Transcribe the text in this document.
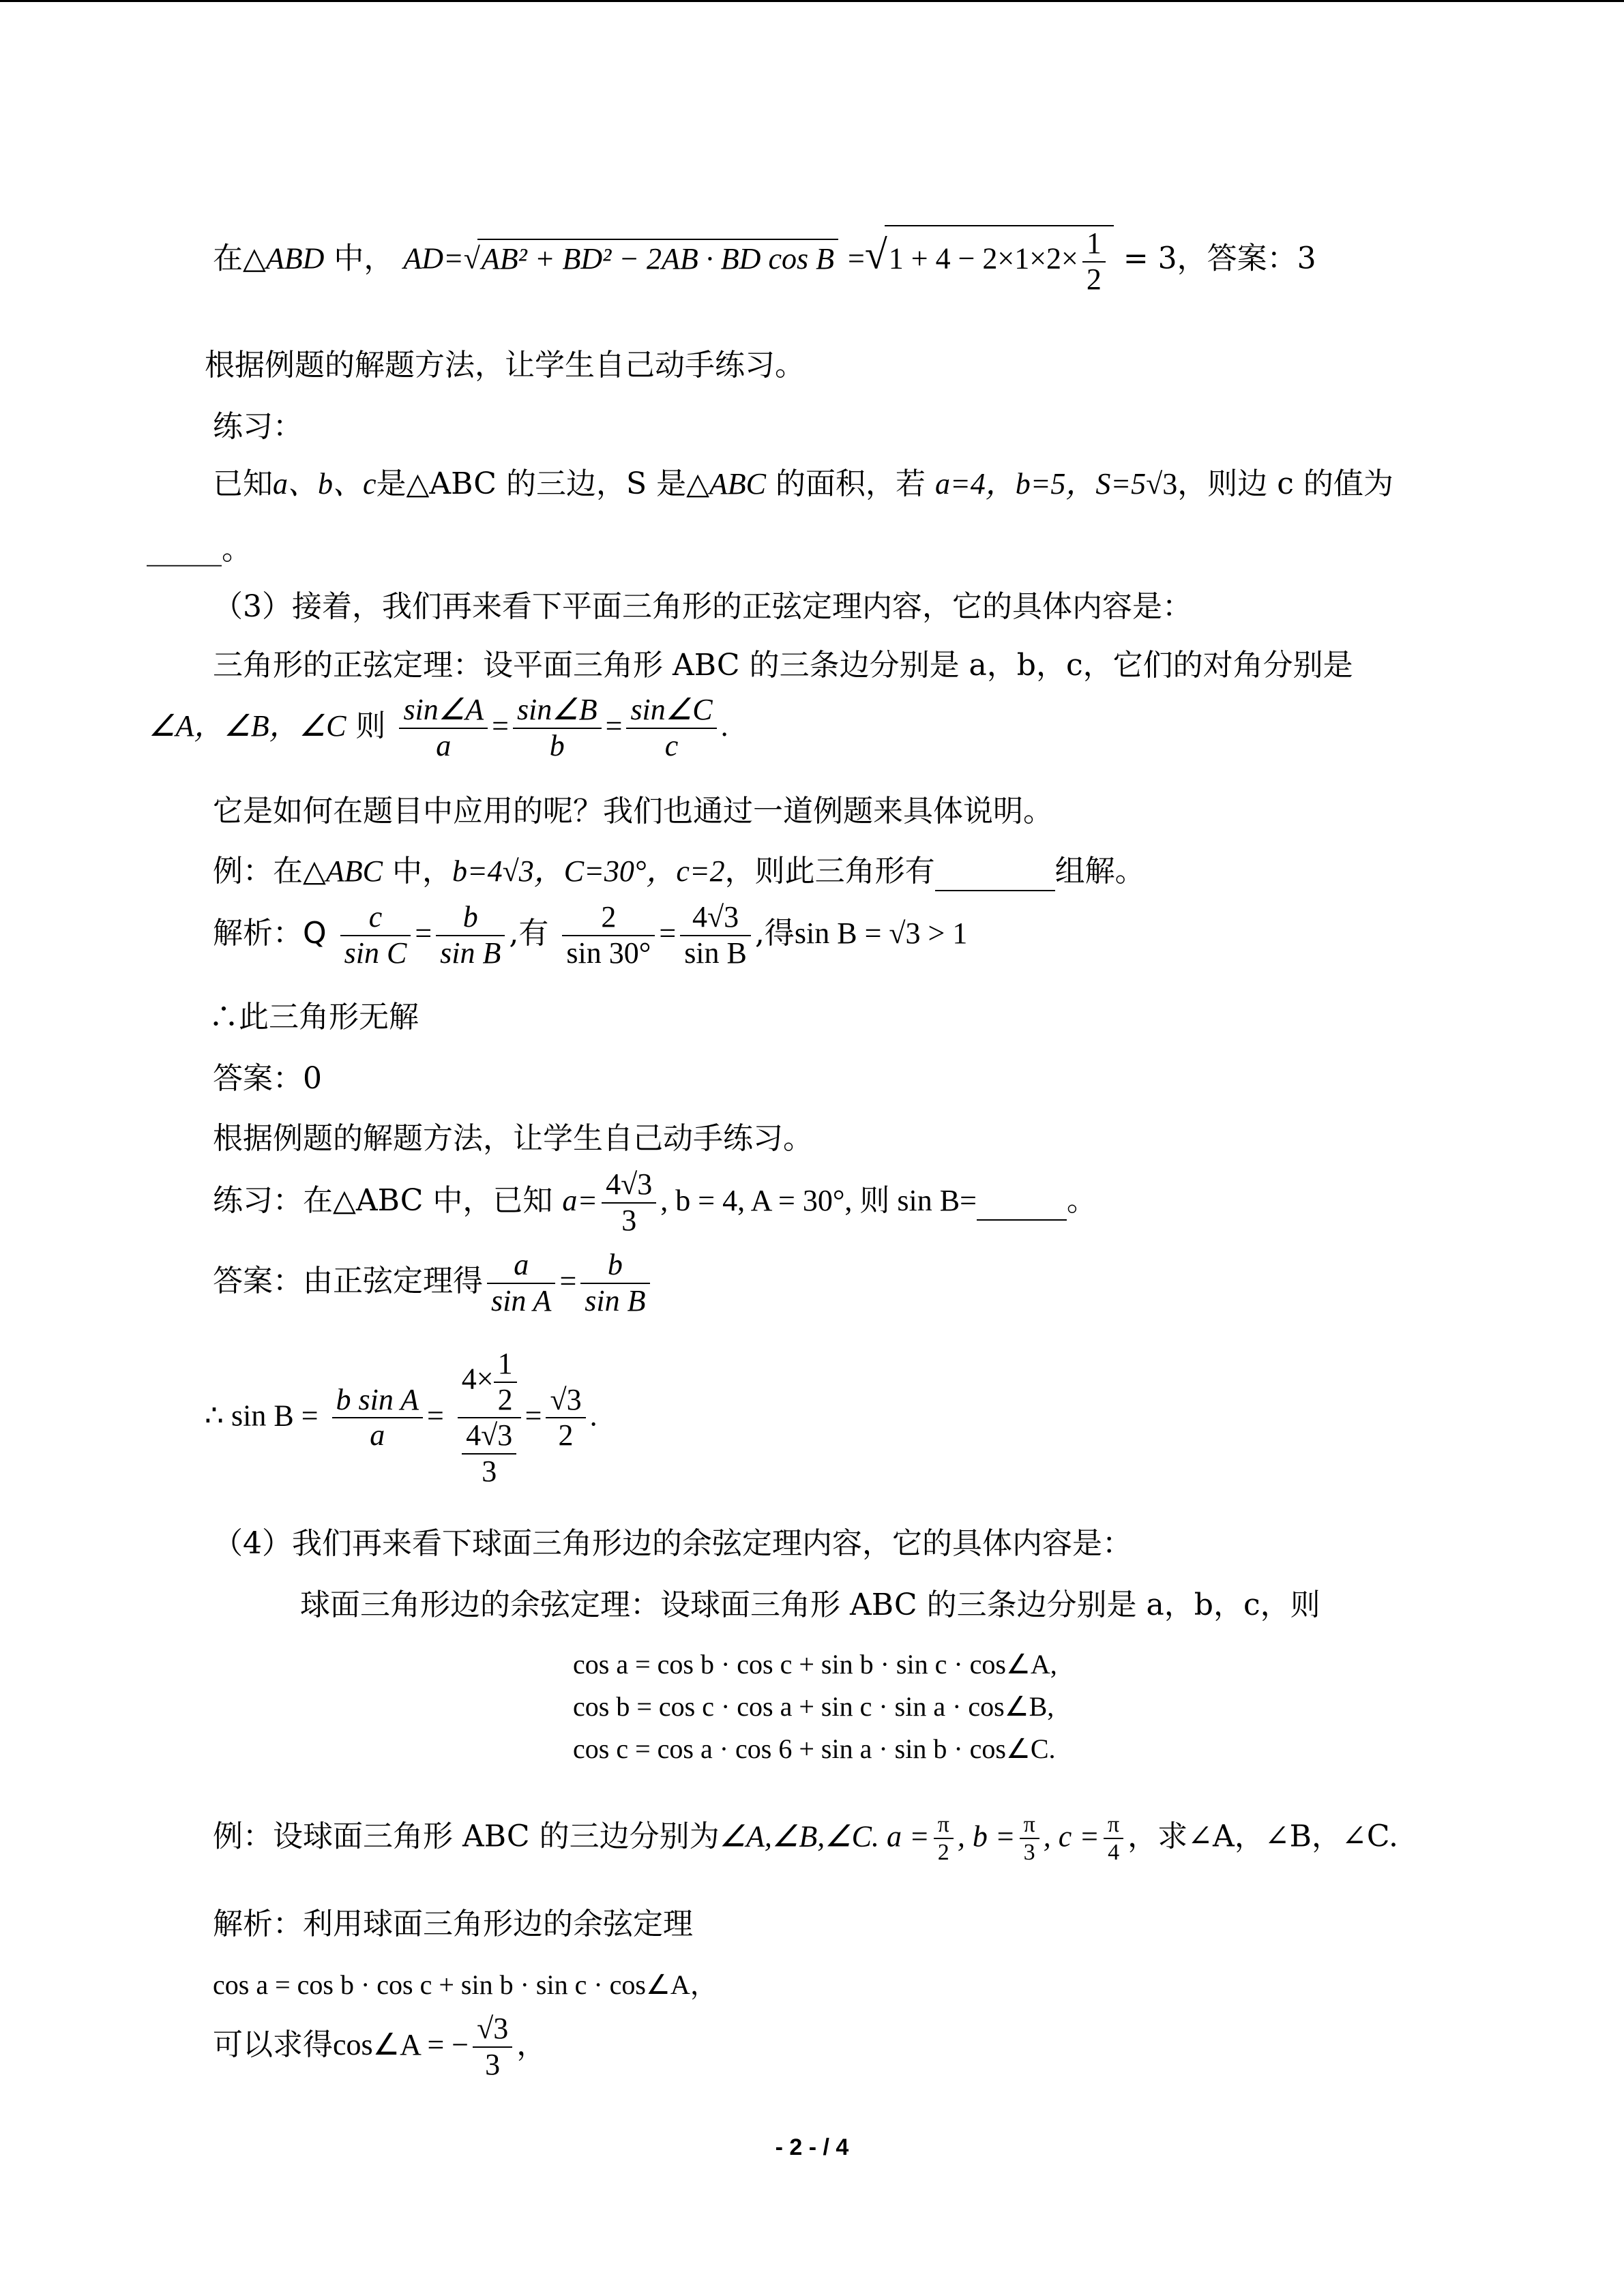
在△ABD 中， AD=√AB² + BD² − 2AB · BD $\cos B =√1 + 4 - 2\times 1\times 2\times \frac{1}{2} = 3$，答案：3
根据例题的解题方法，让学生自己动手练习。
练习：
已知a、b、c是△ABC 的三边，S 是△ABC 的面积，若 a=4，b=5，S=5√3，则边 c 的值为
_____。
（3）接着，我们再来看下平面三角形的正弦定理内容，它的具体内容是：
三角形的正弦定理：设平面三角形 ABC 的三条边分别是 a，b，c，它们的对角分别是
∠A，∠B，∠C 则 $\frac{\sin\angle A}{a} = \frac{\sin\angle B}{b} = \frac{\sin\angle C}{c}$ .
它是如何在题目中应用的呢？我们也通过一道例题来具体说明。
例：在△ABC 中，b=4√3，C=30°，c=2，则此三角形有	组解。
解析：Q $\frac{c}{\text{sin C}} = \frac{b}{\text{sin B}}$ ,有 $\frac{2}{\sin 30^\circ} = \frac{4√3}{\text{sin B}}$ ,得sin B = √3 > 1
∴此三角形无解
答案：0
根据例题的解题方法，让学生自己动手练习。
练习：在△ABC 中，已知 $a= \frac{4√3}{3}$ , b = 4, A = 30°, 则 sin B=	。
答案：由正弦定理得 $\frac{a}{\text{sin A}} = \frac{b}{\text{sin B}}$
∴ $\sin B = \frac{\text{b sin A}}{a} = \frac{4\times \frac{1}{2}}{\frac{4√3}{3}} = \frac{√3}{2}$ .
（4）我们再来看下球面三角形边的余弦定理内容，它的具体内容是：
球面三角形边的余弦定理：设球面三角形 ABC 的三条边分别是 a，b，c，则
cos a = cos b · cos c + sin b · sin c · cos∠A,
cos b = cos c · cos a + sin c · sin a · cos∠B,
cos c = cos a · cos 6 + sin a · sin b · cos∠C.
例：设球面三角形 ABC 的三边分别为∠A,∠B,∠C. $a = \frac{\pi}{2}$ , $b = \frac{\pi}{3}$ , $c = \frac{\pi}{4}$ ，求∠A，∠B，∠C.
解析：利用球面三角形边的余弦定理
cos a = cos b · cos c + sin b · sin c · cos∠A，
可以求得cos∠A = − $\frac{√3}{3}$ ，
- 2 - / 4
